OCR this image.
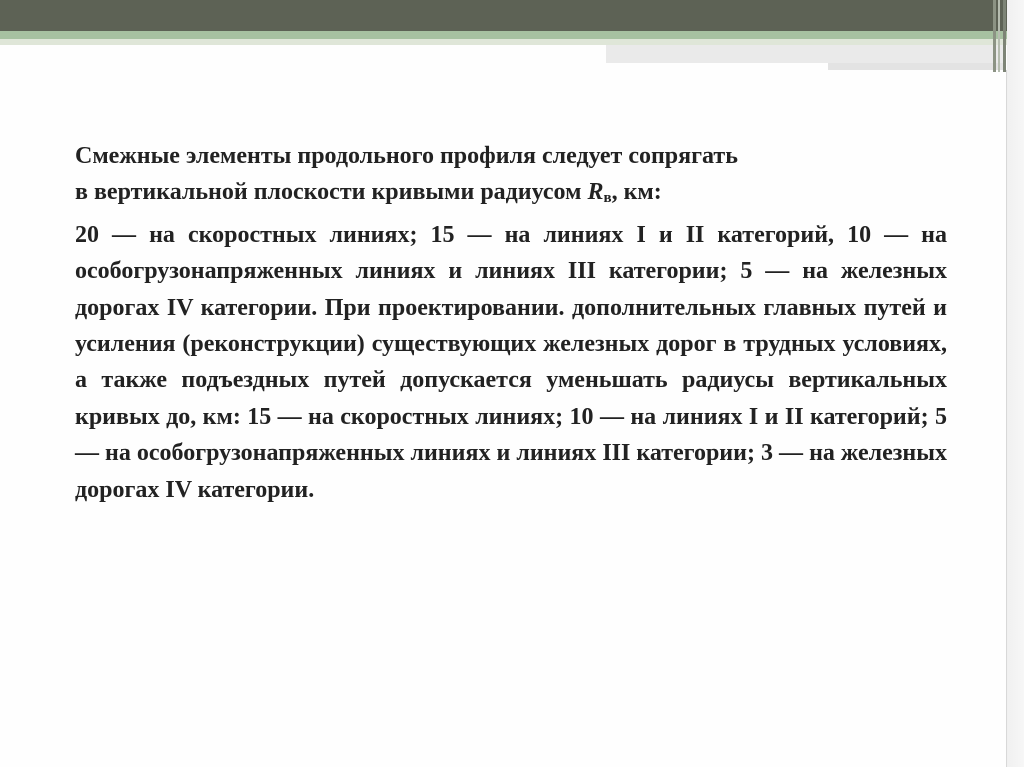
Смежные элементы продольного профиля следует сопрягать
в вертикальной плоскости кривыми радиусом Rв, км:
20 — на скоростных линиях; 15 — на линиях I и II категорий, 10 — на особогрузонапряженных линиях и линиях III категории; 5 — на железных дорогах IV категории. При проектировании. дополнительных главных путей и усиления (реконструкции) существующих железных дорог в трудных условиях, а также подъездных путей допускается уменьшать радиусы вертикальных кривых до, км: 15 — на скоростных линиях; 10 — на линиях I и II категорий; 5 — на особогрузонапряженных линиях и линиях III категории; 3 — на железных дорогах IV категории.
